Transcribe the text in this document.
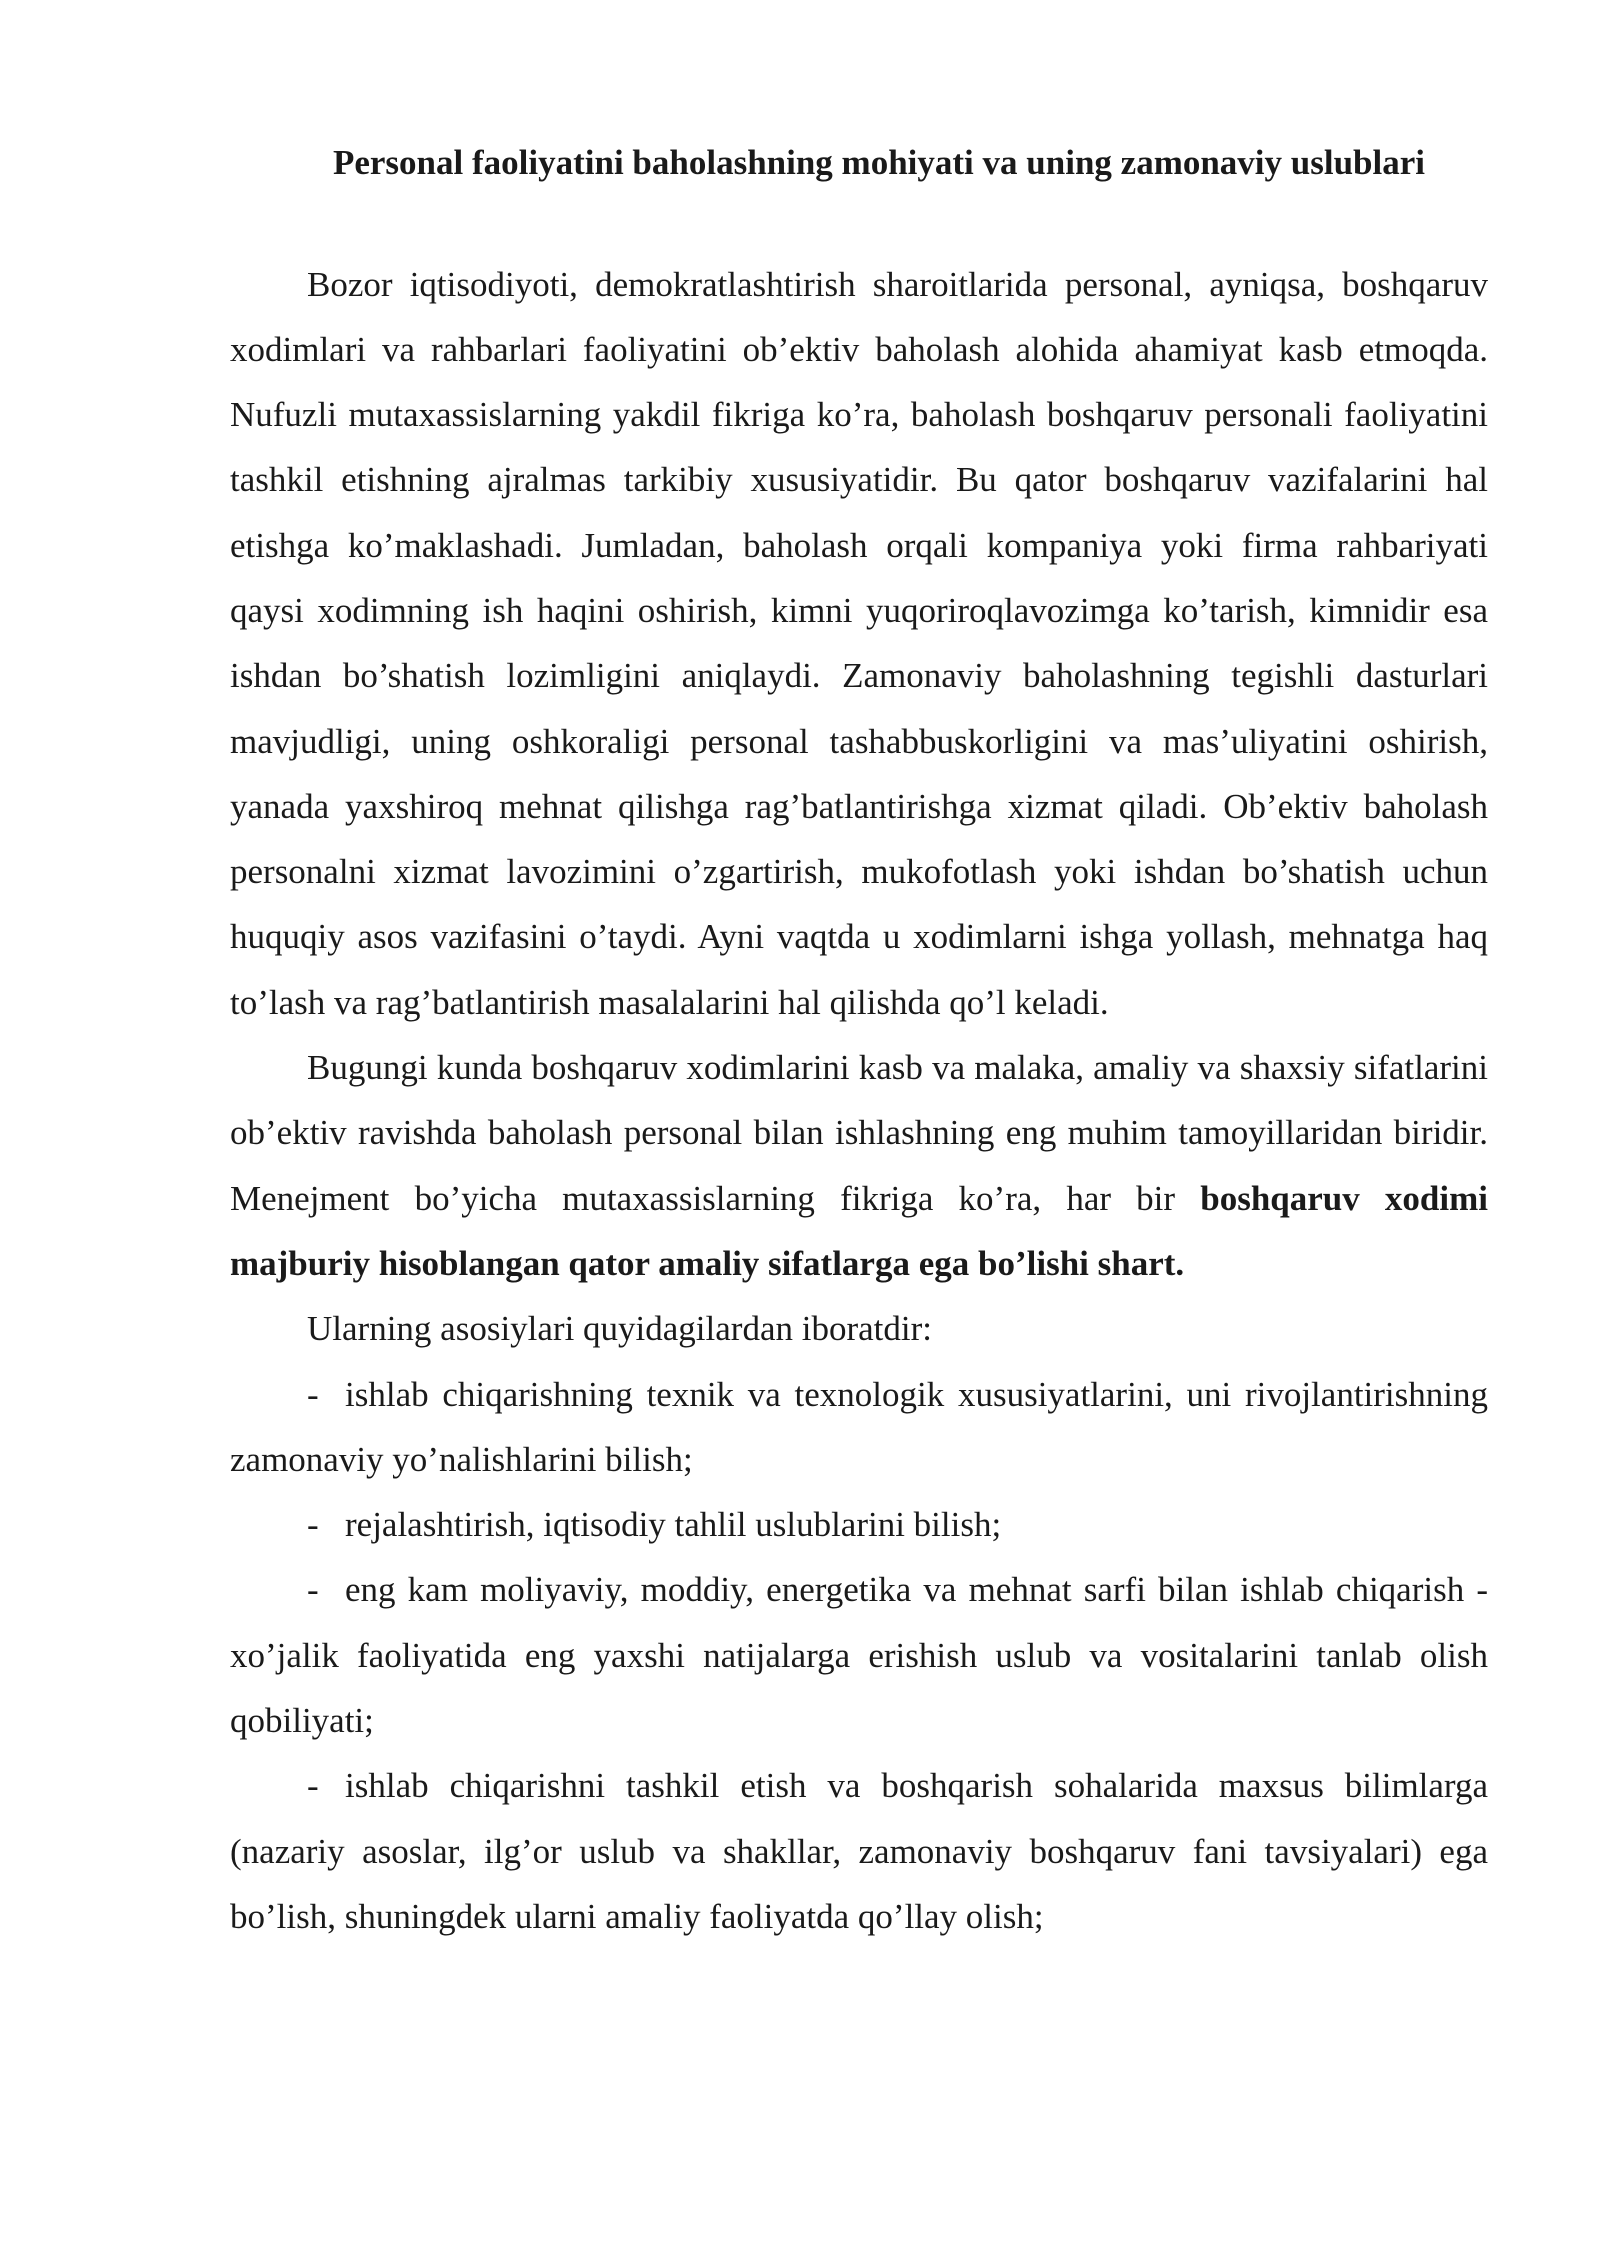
Personal faoliyatini baholashning mohiyati va uning zamonaviy uslublari

Bozor iqtisodiyoti, demokratlashtirish sharoitlarida personal, ayniqsa, boshqaruv xodimlari va rahbarlari faoliyatini ob’ektiv baholash alohida ahamiyat kasb etmoqda. Nufuzli mutaxassislarning yakdil fikriga ko’ra, baholash boshqaruv personali faoliyatini tashkil etishning ajralmas tarkibiy xususiyatidir. Bu qator boshqaruv vazifalarini hal etishga ko’maklashadi. Jumladan, baholash orqali kompaniya yoki firma rahbariyati qaysi xodimning ish haqini oshirish, kimni yuqoriroqlavozimga ko’tarish, kimnidir esa ishdan bo’shatish lozimligini aniqlaydi. Zamonaviy baholashning tegishli dasturlari mavjudligi, uning oshkoraligi personal tashabbuskorligini va mas’uliyatini oshirish, yanada yaxshiroq mehnat qilishga rag’batlantirishga xizmat qiladi. Ob’ektiv baholash personalni xizmat lavozimini o’zgartirish, mukofotlash yoki ishdan bo’shatish uchun huquqiy asos vazifasini o’taydi. Ayni vaqtda u xodimlarni ishga yollash, mehnatga haq to’lash va rag’batlantirish masalalarini hal qilishda qo’l keladi.

Bugungi kunda boshqaruv xodimlarini kasb va malaka, amaliy va shaxsiy sifatlarini ob’ektiv ravishda baholash personal bilan ishlashning eng muhim tamoyillaridan biridir. Menejment bo’yicha mutaxassislarning fikriga ko’ra, har bir boshqaruv xodimi majburiy hisoblangan qator amaliy sifatlarga ega bo’lishi shart.

Ularning asosiylari quyidagilardan iboratdir:

- ishlab chiqarishning texnik va texnologik xususiyatlarini, uni rivojlantirishning zamonaviy yo’nalishlarini bilish;
- rejalashtirish, iqtisodiy tahlil uslublarini bilish;
- eng kam moliyaviy, moddiy, energetika va mehnat sarfi bilan ishlab chiqarish - xo’jalik faoliyatida eng yaxshi natijalarga erishish uslub va vositalarini tanlab olish qobiliyati;
- ishlab chiqarishni tashkil etish va boshqarish sohalarida maxsus bilimlarga (nazariy asoslar, ilg’or uslub va shakllar, zamonaviy boshqaruv fani tavsiyalari) ega bo’lish, shuningdek ularni amaliy faoliyatda qo’llay olish;
